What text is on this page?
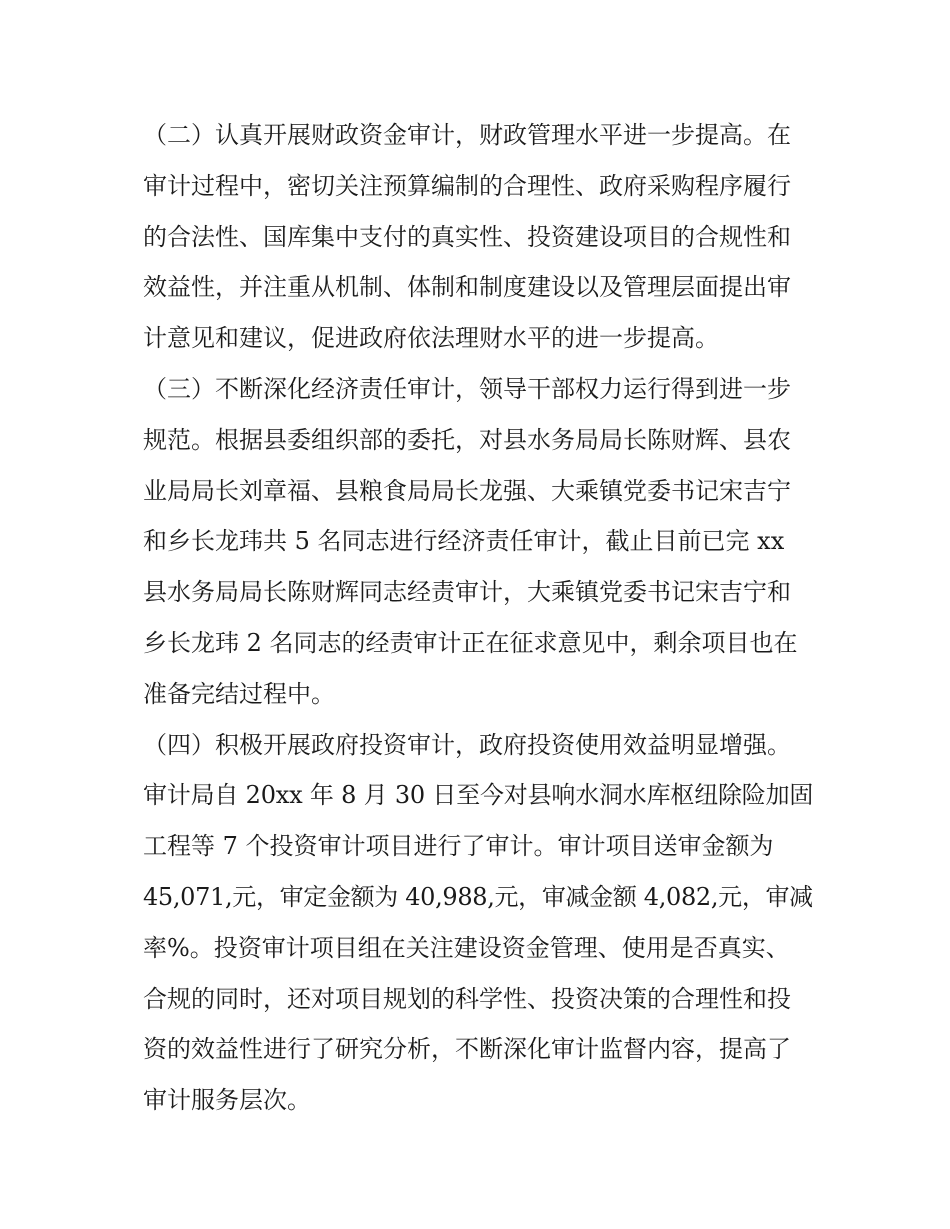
（二）认真开展财政资金审计，财政管理水平进一步提高。在
审计过程中，密切关注预算编制的合理性、政府采购程序履行
的合法性、国库集中支付的真实性、投资建设项目的合规性和
效益性，并注重从机制、体制和制度建设以及管理层面提出审
计意见和建议，促进政府依法理财水平的进一步提高。
（三）不断深化经济责任审计，领导干部权力运行得到进一步
规范。根据县委组织部的委托，对县水务局局长陈财辉、县农
业局局长刘章福、县粮食局局长龙强、大乘镇党委书记宋吉宁
和乡长龙玮共 5 名同志进行经济责任审计，截止目前已完 xx
县水务局局长陈财辉同志经责审计，大乘镇党委书记宋吉宁和
乡长龙玮 2 名同志的经责审计正在征求意见中，剩余项目也在
准备完结过程中。
（四）积极开展政府投资审计，政府投资使用效益明显增强。
审计局自 20xx 年 8 月 30 日至今对县响水洞水库枢纽除险加固
工程等 7 个投资审计项目进行了审计。审计项目送审金额为
45,071,元，审定金额为 40,988,元，审减金额 4,082,元，审减
率%。投资审计项目组在关注建设资金管理、使用是否真实、
合规的同时，还对项目规划的科学性、投资决策的合理性和投
资的效益性进行了研究分析，不断深化审计监督内容，提高了
审计服务层次。
